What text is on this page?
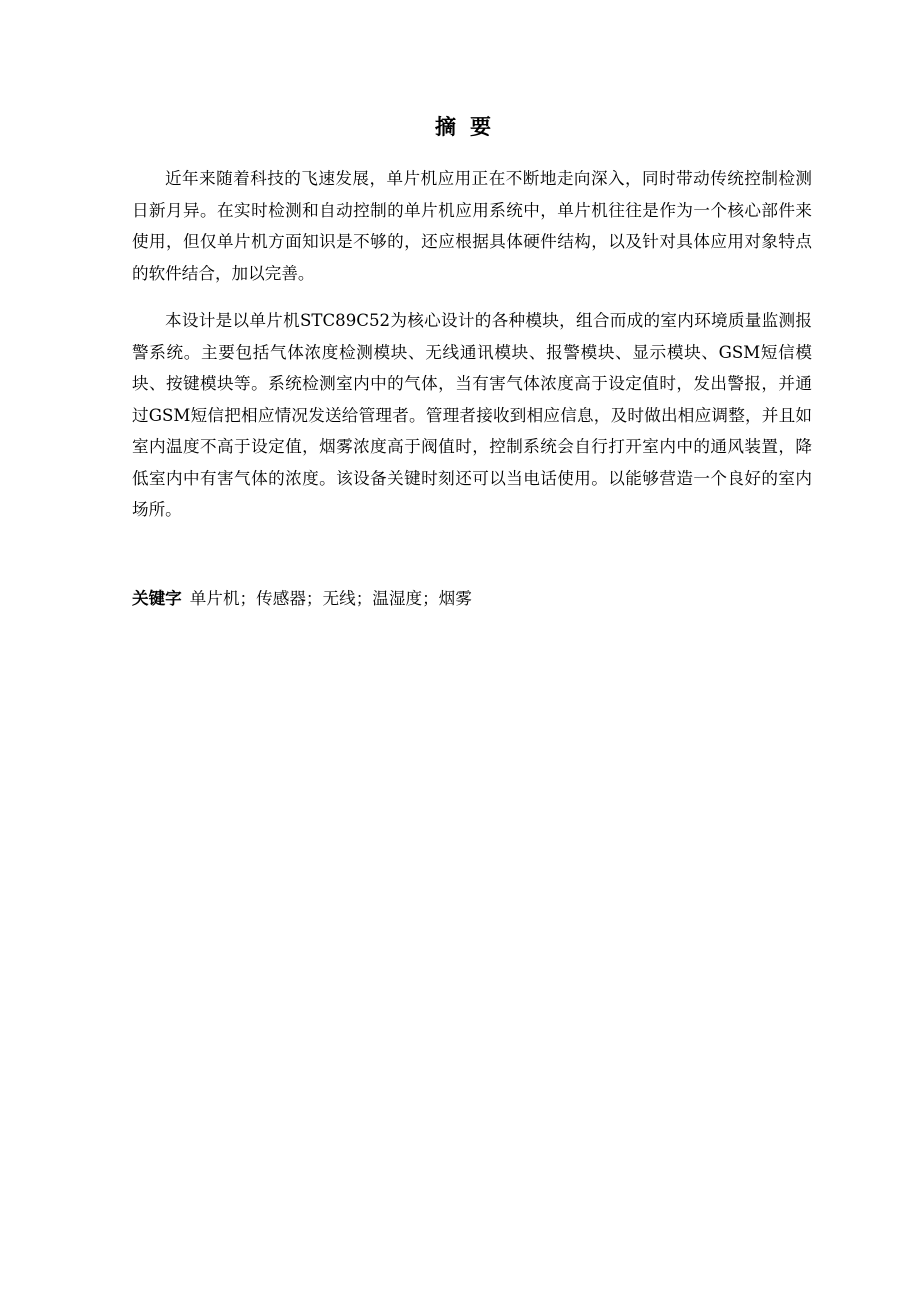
摘要

近年来随着科技的飞速发展，单片机应用正在不断地走向深入，同时带动传统控制检测日新月异。在实时检测和自动控制的单片机应用系统中，单片机往往是作为一个核心部件来使用，但仅单片机方面知识是不够的，还应根据具体硬件结构，以及针对具体应用对象特点的软件结合，加以完善。

本设计是以单片机STC89C52为核心设计的各种模块，组合而成的室内环境质量监测报警系统。主要包括气体浓度检测模块、无线通讯模块、报警模块、显示模块、GSM短信模块、按键模块等。系统检测室内中的气体，当有害气体浓度高于设定值时，发出警报，并通过GSM短信把相应情况发送给管理者。管理者接收到相应信息，及时做出相应调整，并且如室内温度不高于设定值，烟雾浓度高于阀值时，控制系统会自行打开室内中的通风装置，降低室内中有害气体的浓度。该设备关键时刻还可以当电话使用。以能够营造一个良好的室内场所。

关键字 单片机；传感器；无线；温湿度；烟雾
